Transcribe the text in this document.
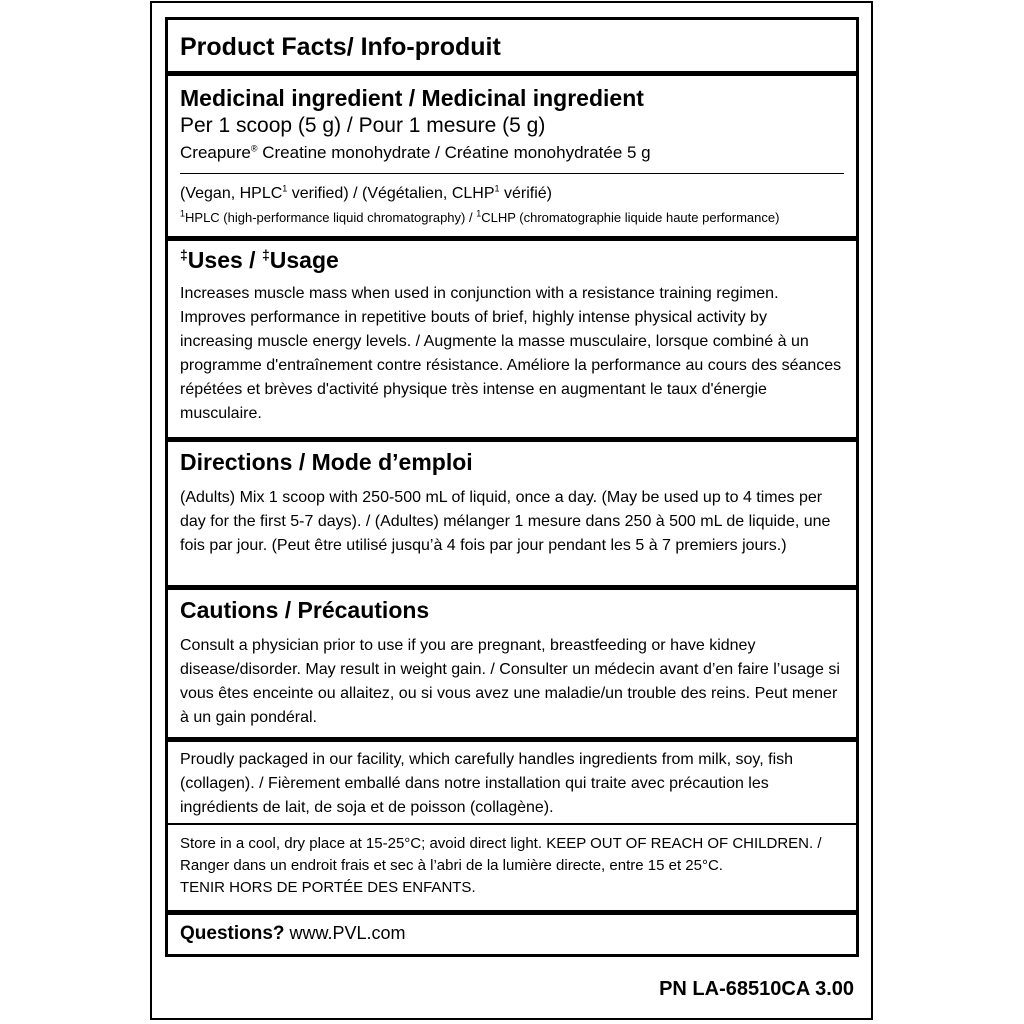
Product Facts/ Info-produit
Medicinal ingredient / Medicinal ingredient
Per 1 scoop (5 g) / Pour 1 mesure (5 g)
Creapure® Creatine monohydrate / Créatine monohydratée 5 g
(Vegan, HPLC$^1$ verified) / (Végétalien, CLHP$^1$ vérifié)
$^1$HPLC (high-performance liquid chromatography) / $^1$CLHP (chromatographie liquide haute performance)
‡Uses / ‡Usage
Increases muscle mass when used in conjunction with a resistance training regimen. Improves performance in repetitive bouts of brief, highly intense physical activity by increasing muscle energy levels. / Augmente la masse musculaire, lorsque combiné à un programme d'entraînement contre résistance. Améliore la performance au cours des séances répétées et brèves d'activité physique très intense en augmentant le taux d'énergie musculaire.
Directions / Mode d’emploi
(Adults) Mix 1 scoop with 250-500 mL of liquid, once a day. (May be used up to 4 times per day for the first 5-7 days). / (Adultes) mélanger 1 mesure dans 250 à 500 mL de liquide, une fois par jour. (Peut être utilisé jusqu’à 4 fois par jour pendant les 5 à 7 premiers jours.)
Cautions / Précautions
Consult a physician prior to use if you are pregnant, breastfeeding or have kidney disease/disorder. May result in weight gain. / Consulter un médecin avant d’en faire l’usage si vous êtes enceinte ou allaitez, ou si vous avez une maladie/un trouble des reins. Peut mener à un gain pondéral.
Proudly packaged in our facility, which carefully handles ingredients from milk, soy, fish (collagen). / Fièrement emballé dans notre installation qui traite avec précaution les ingrédients de lait, de soja et de poisson (collagène).
Store in a cool, dry place at 15-25°C; avoid direct light. KEEP OUT OF REACH OF CHILDREN. /
Ranger dans un endroit frais et sec à l’abri de la lumière directe, entre 15 et 25°C.
TENIR HORS DE PORTÉE DES ENFANTS.
Questions? www.PVL.com
PN LA-68510CA 3.00
